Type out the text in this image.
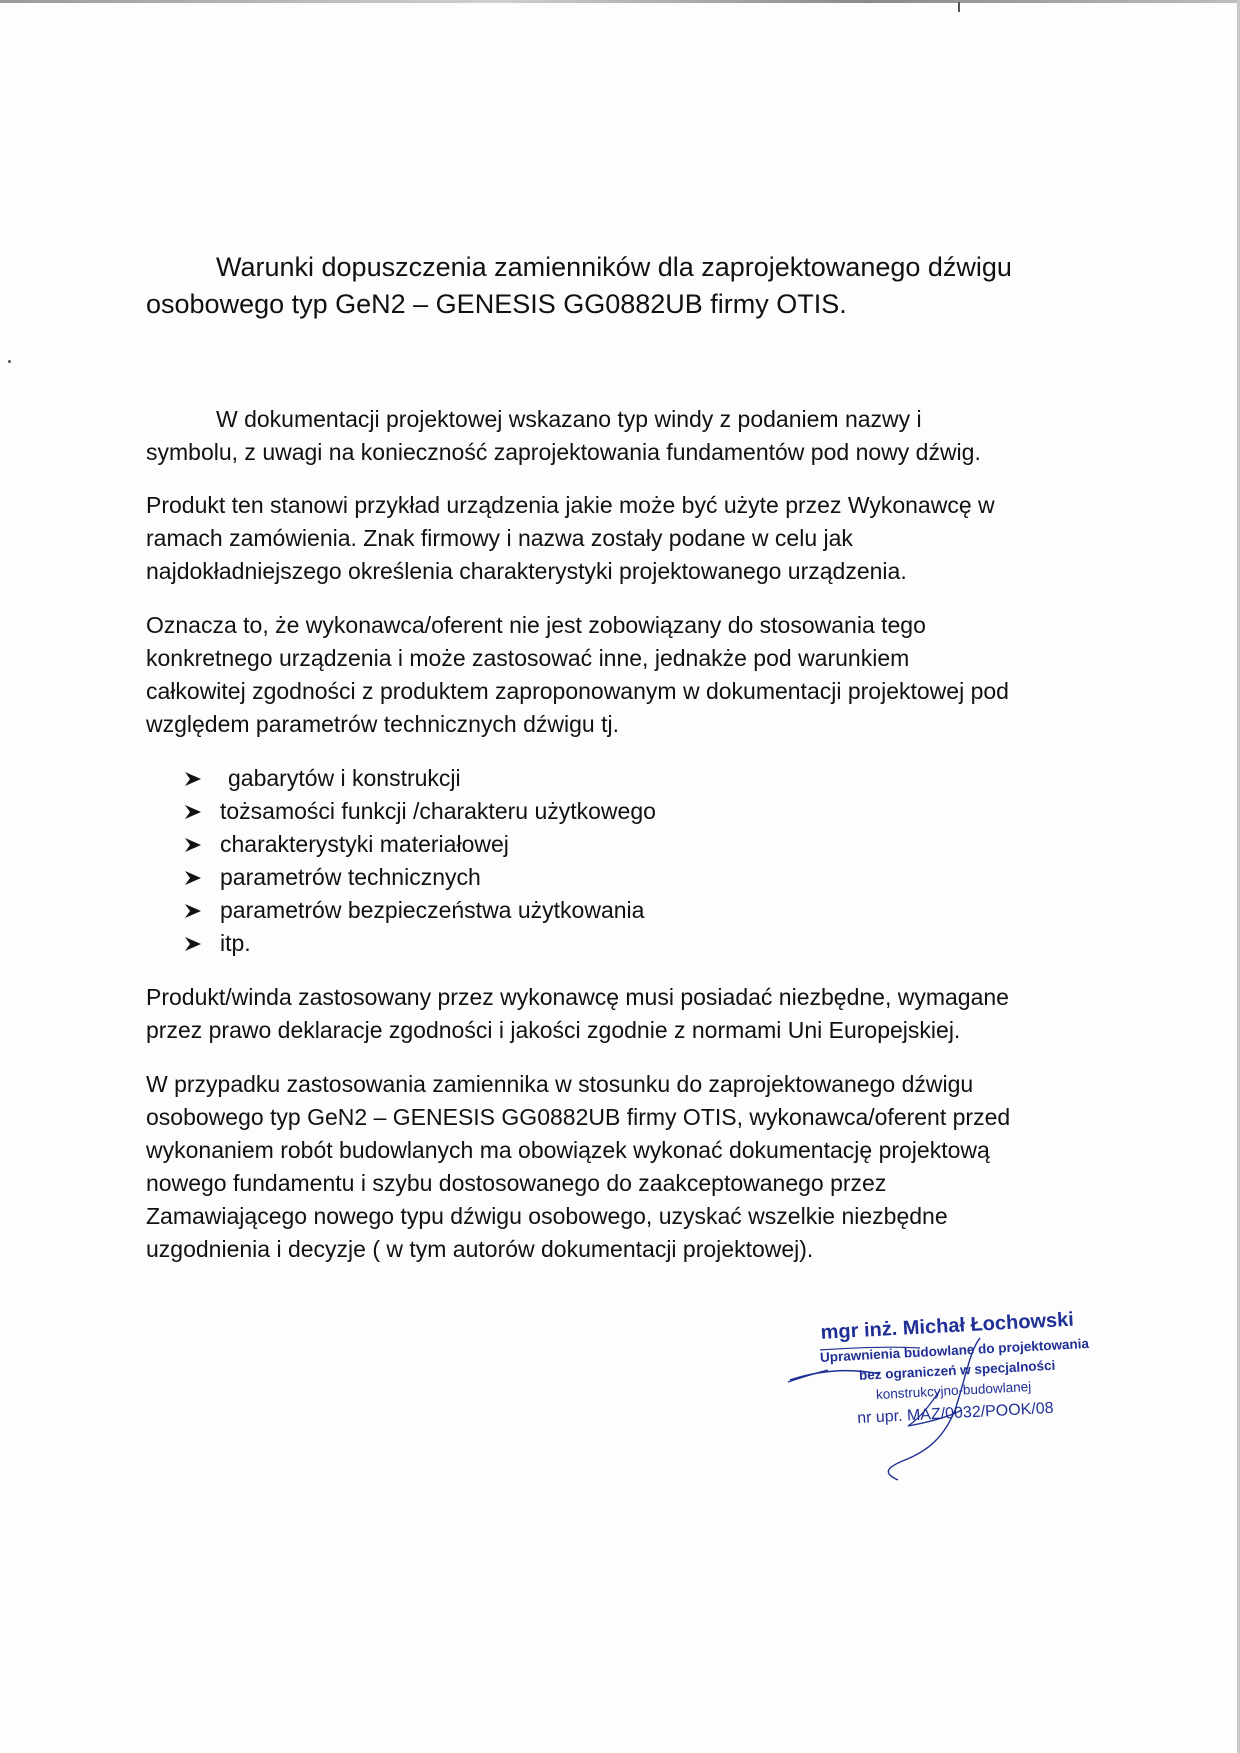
Warunki dopuszczenia zamienników dla zaprojektowanego dźwigu
osobowego typ GeN2 – GENESIS GG0882UB firmy OTIS.

W dokumentacji projektowej wskazano typ windy z podaniem nazwy i
symbolu, z uwagi na konieczność zaprojektowania fundamentów pod nowy dźwig.

Produkt ten stanowi przykład urządzenia jakie może być użyte przez Wykonawcę w
ramach zamówienia. Znak firmowy i nazwa zostały podane w celu jak
najdokładniejszego określenia charakterystyki projektowanego urządzenia.

Oznacza to, że wykonawca/oferent nie jest zobowiązany do stosowania tego
konkretnego urządzenia i może zastosować inne, jednakże pod warunkiem
całkowitej zgodności z produktem zaproponowanym w dokumentacji projektowej pod
względem parametrów technicznych dźwigu tj.

gabarytów i konstrukcji
tożsamości funkcji /charakteru użytkowego
charakterystyki materiałowej
parametrów technicznych
parametrów bezpieczeństwa użytkowania
itp.

Produkt/winda zastosowany przez wykonawcę musi posiadać niezbędne, wymagane
przez prawo deklaracje zgodności i jakości zgodnie z normami Uni Europejskiej.

W przypadku zastosowania zamiennika w stosunku do zaprojektowanego dźwigu
osobowego typ GeN2 – GENESIS GG0882UB firmy OTIS, wykonawca/oferent przed
wykonaniem robót budowlanych ma obowiązek wykonać dokumentację projektową
nowego fundamentu i szybu dostosowanego do zaakceptowanego przez
Zamawiającego nowego typu dźwigu osobowego, uzyskać wszelkie niezbędne
uzgodnienia i decyzje ( w tym autorów dokumentacji projektowej).

mgr inż. Michał Łochowski
Uprawnienia budowlane do projektowania
bez ograniczeń w specjalności
konstrukcyjno-budowlanej
nr upr. MAZ/0032/POOK/08
